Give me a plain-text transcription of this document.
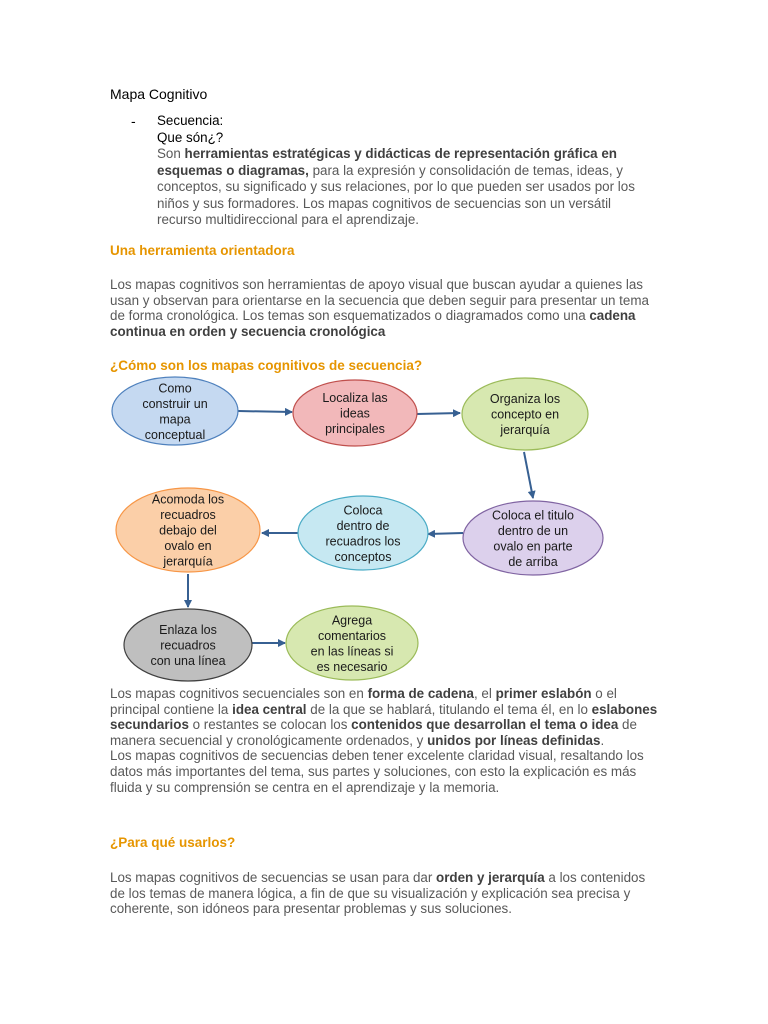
Mapa Cognitivo
- Secuencia:
Que són¿?
Son herramientas estratégicas y didácticas de representación gráfica en esquemas o diagramas, para la expresión y consolidación de temas, ideas, y conceptos, su significado y sus relaciones, por lo que pueden ser usados por los niños y sus formadores. Los mapas cognitivos de secuencias son un versátil recurso multidireccional para el aprendizaje.
Una herramienta orientadora
Los mapas cognitivos son herramientas de apoyo visual que buscan ayudar a quienes las usan y observan para orientarse en la secuencia que deben seguir para presentar un tema de forma cronológica. Los temas son esquematizados o diagramados como una cadena continua en orden y secuencia cronológica
¿Cómo son los mapas cognitivos de secuencia?
Como
construir un
mapa
conceptual
Localiza las
ideas
principales
Organiza los
concepto en
jerarquía
Coloca el titulo
dentro de un
ovalo en parte
de arriba
Coloca
dentro de
recuadros los
conceptos
Acomoda los
recuadros
debajo del
ovalo en
jerarquía
Enlaza los
recuadros
con una línea
Agrega
comentarios
en las líneas si
es necesario
Los mapas cognitivos secuenciales son en forma de cadena, el primer eslabón o el principal contiene la idea central de la que se hablará, titulando el tema él, en lo eslabones secundarios o restantes se colocan los contenidos que desarrollan el tema o idea de manera secuencial y cronológicamente ordenados, y unidos por líneas definidas.
Los mapas cognitivos de secuencias deben tener excelente claridad visual, resaltando los datos más importantes del tema, sus partes y soluciones, con esto la explicación es más fluida y su comprensión se centra en el aprendizaje y la memoria.
¿Para qué usarlos?
Los mapas cognitivos de secuencias se usan para dar orden y jerarquía a los contenidos de los temas de manera lógica, a fin de que su visualización y explicación sea precisa y coherente, son idóneos para presentar problemas y sus soluciones.
